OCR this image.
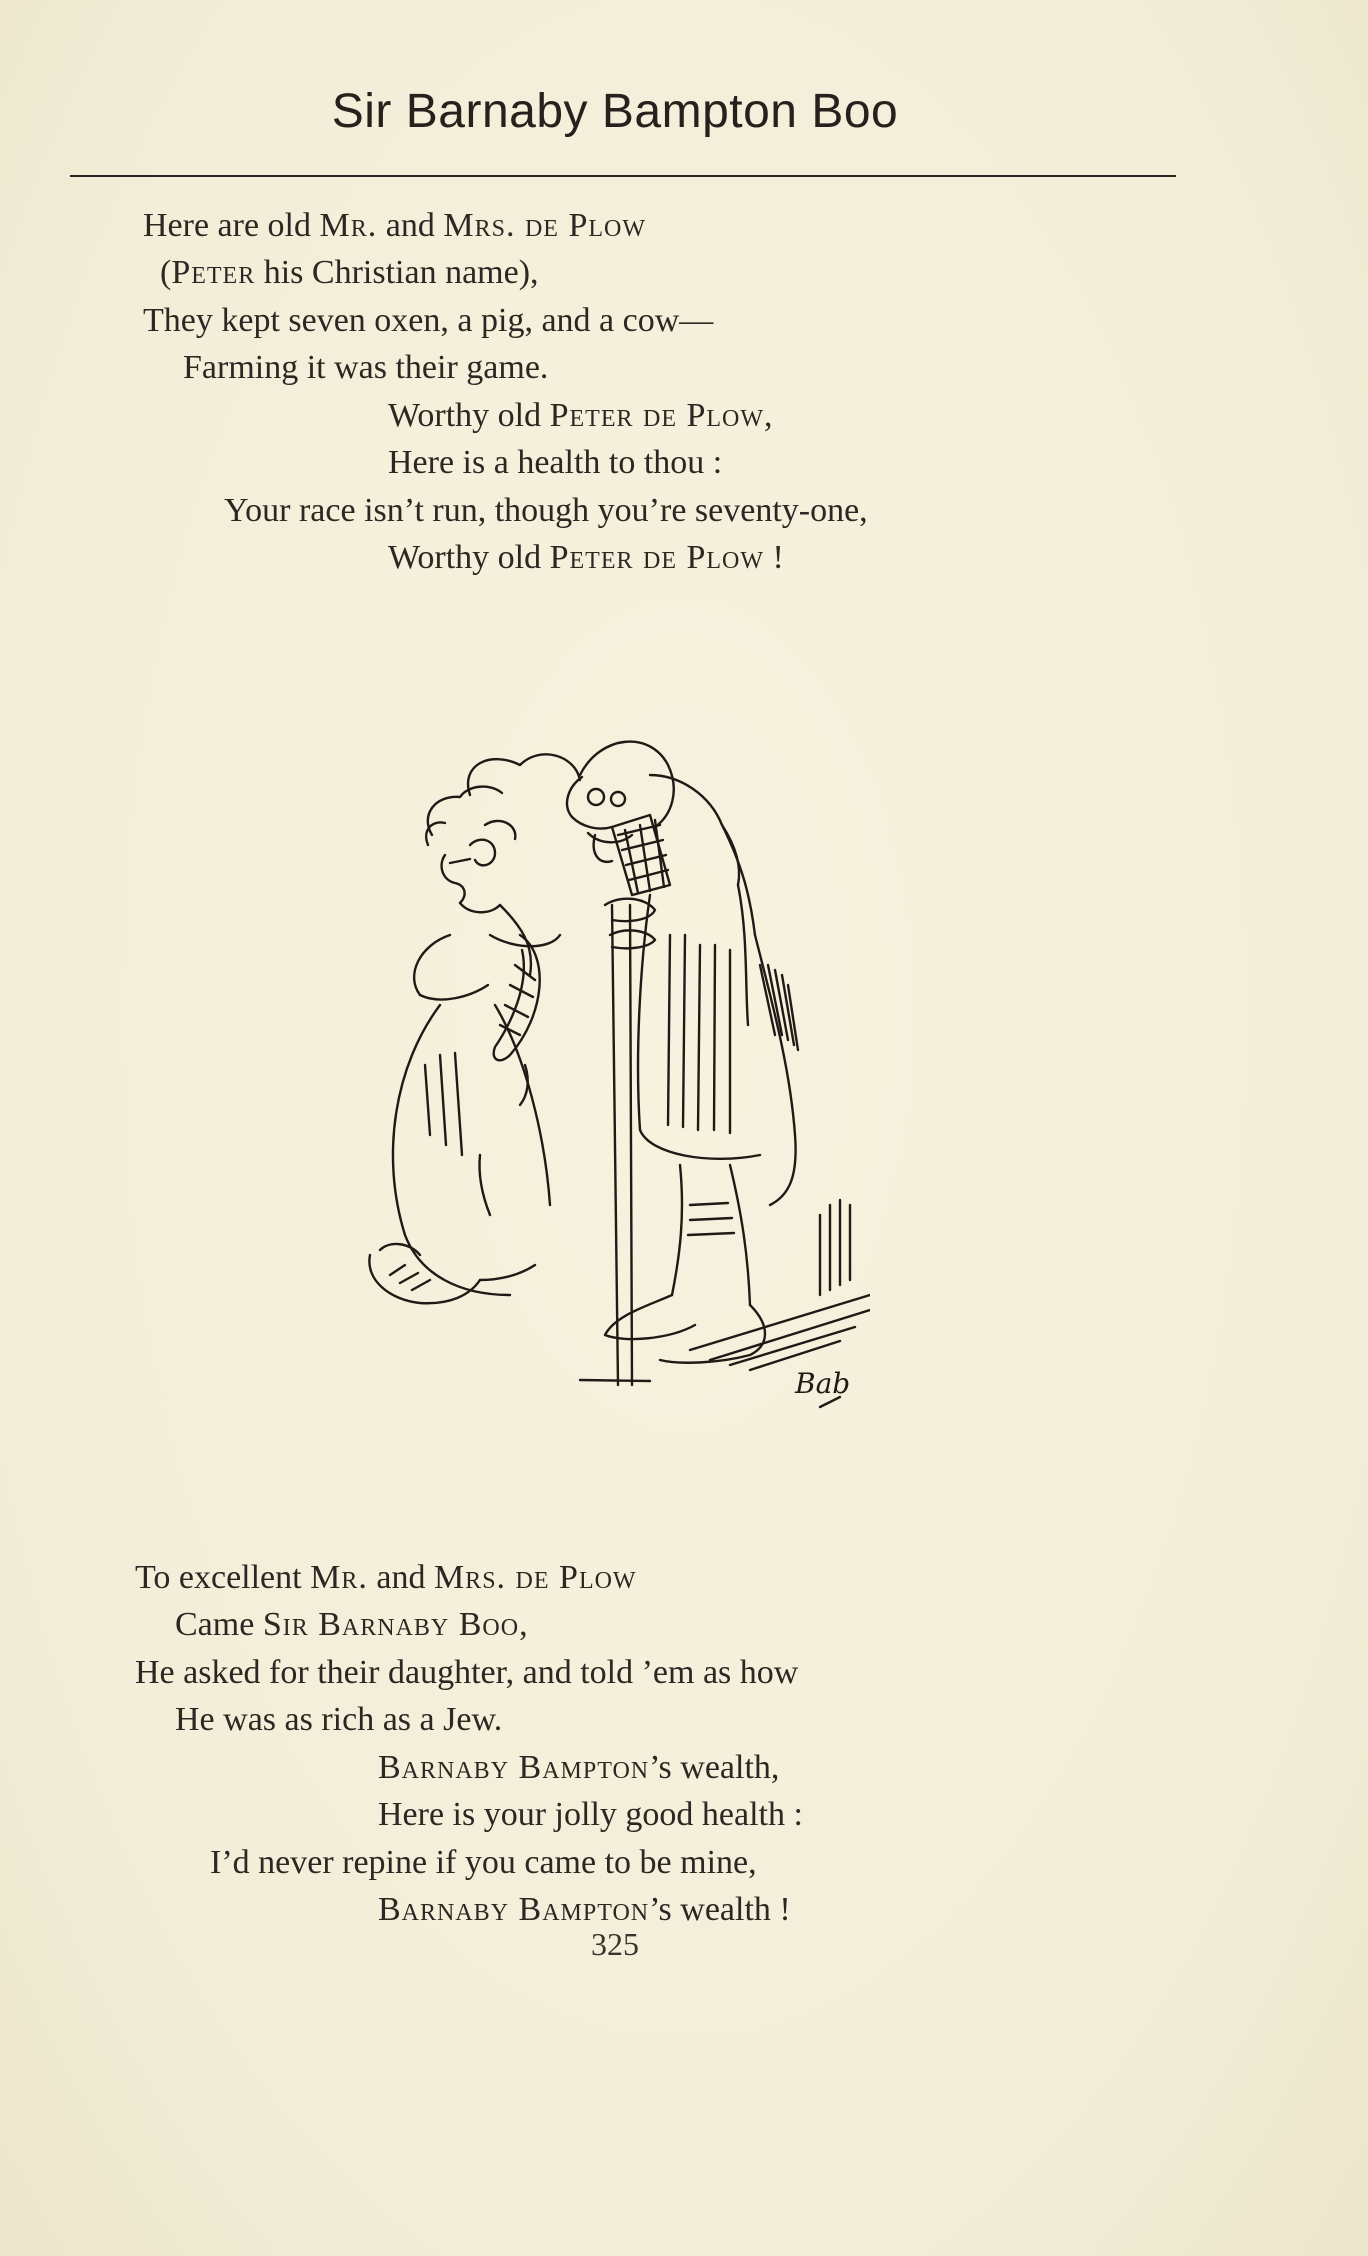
Sir Barnaby Bampton Boo
Here are old Mr. and Mrs. de Plow
(Peter his Christian name),
They kept seven oxen, a pig, and a cow—
Farming it was their game.
Worthy old Peter de Plow,
Here is a health to thou :
Your race isn’t run, though you’re seventy-one,
Worthy old Peter de Plow !
Bab
To excellent Mr. and Mrs. de Plow
Came Sir Barnaby Boo,
He asked for their daughter, and told ’em as how
He was as rich as a Jew.
Barnaby Bampton’s wealth,
Here is your jolly good health :
I’d never repine if you came to be mine,
Barnaby Bampton’s wealth !
325
